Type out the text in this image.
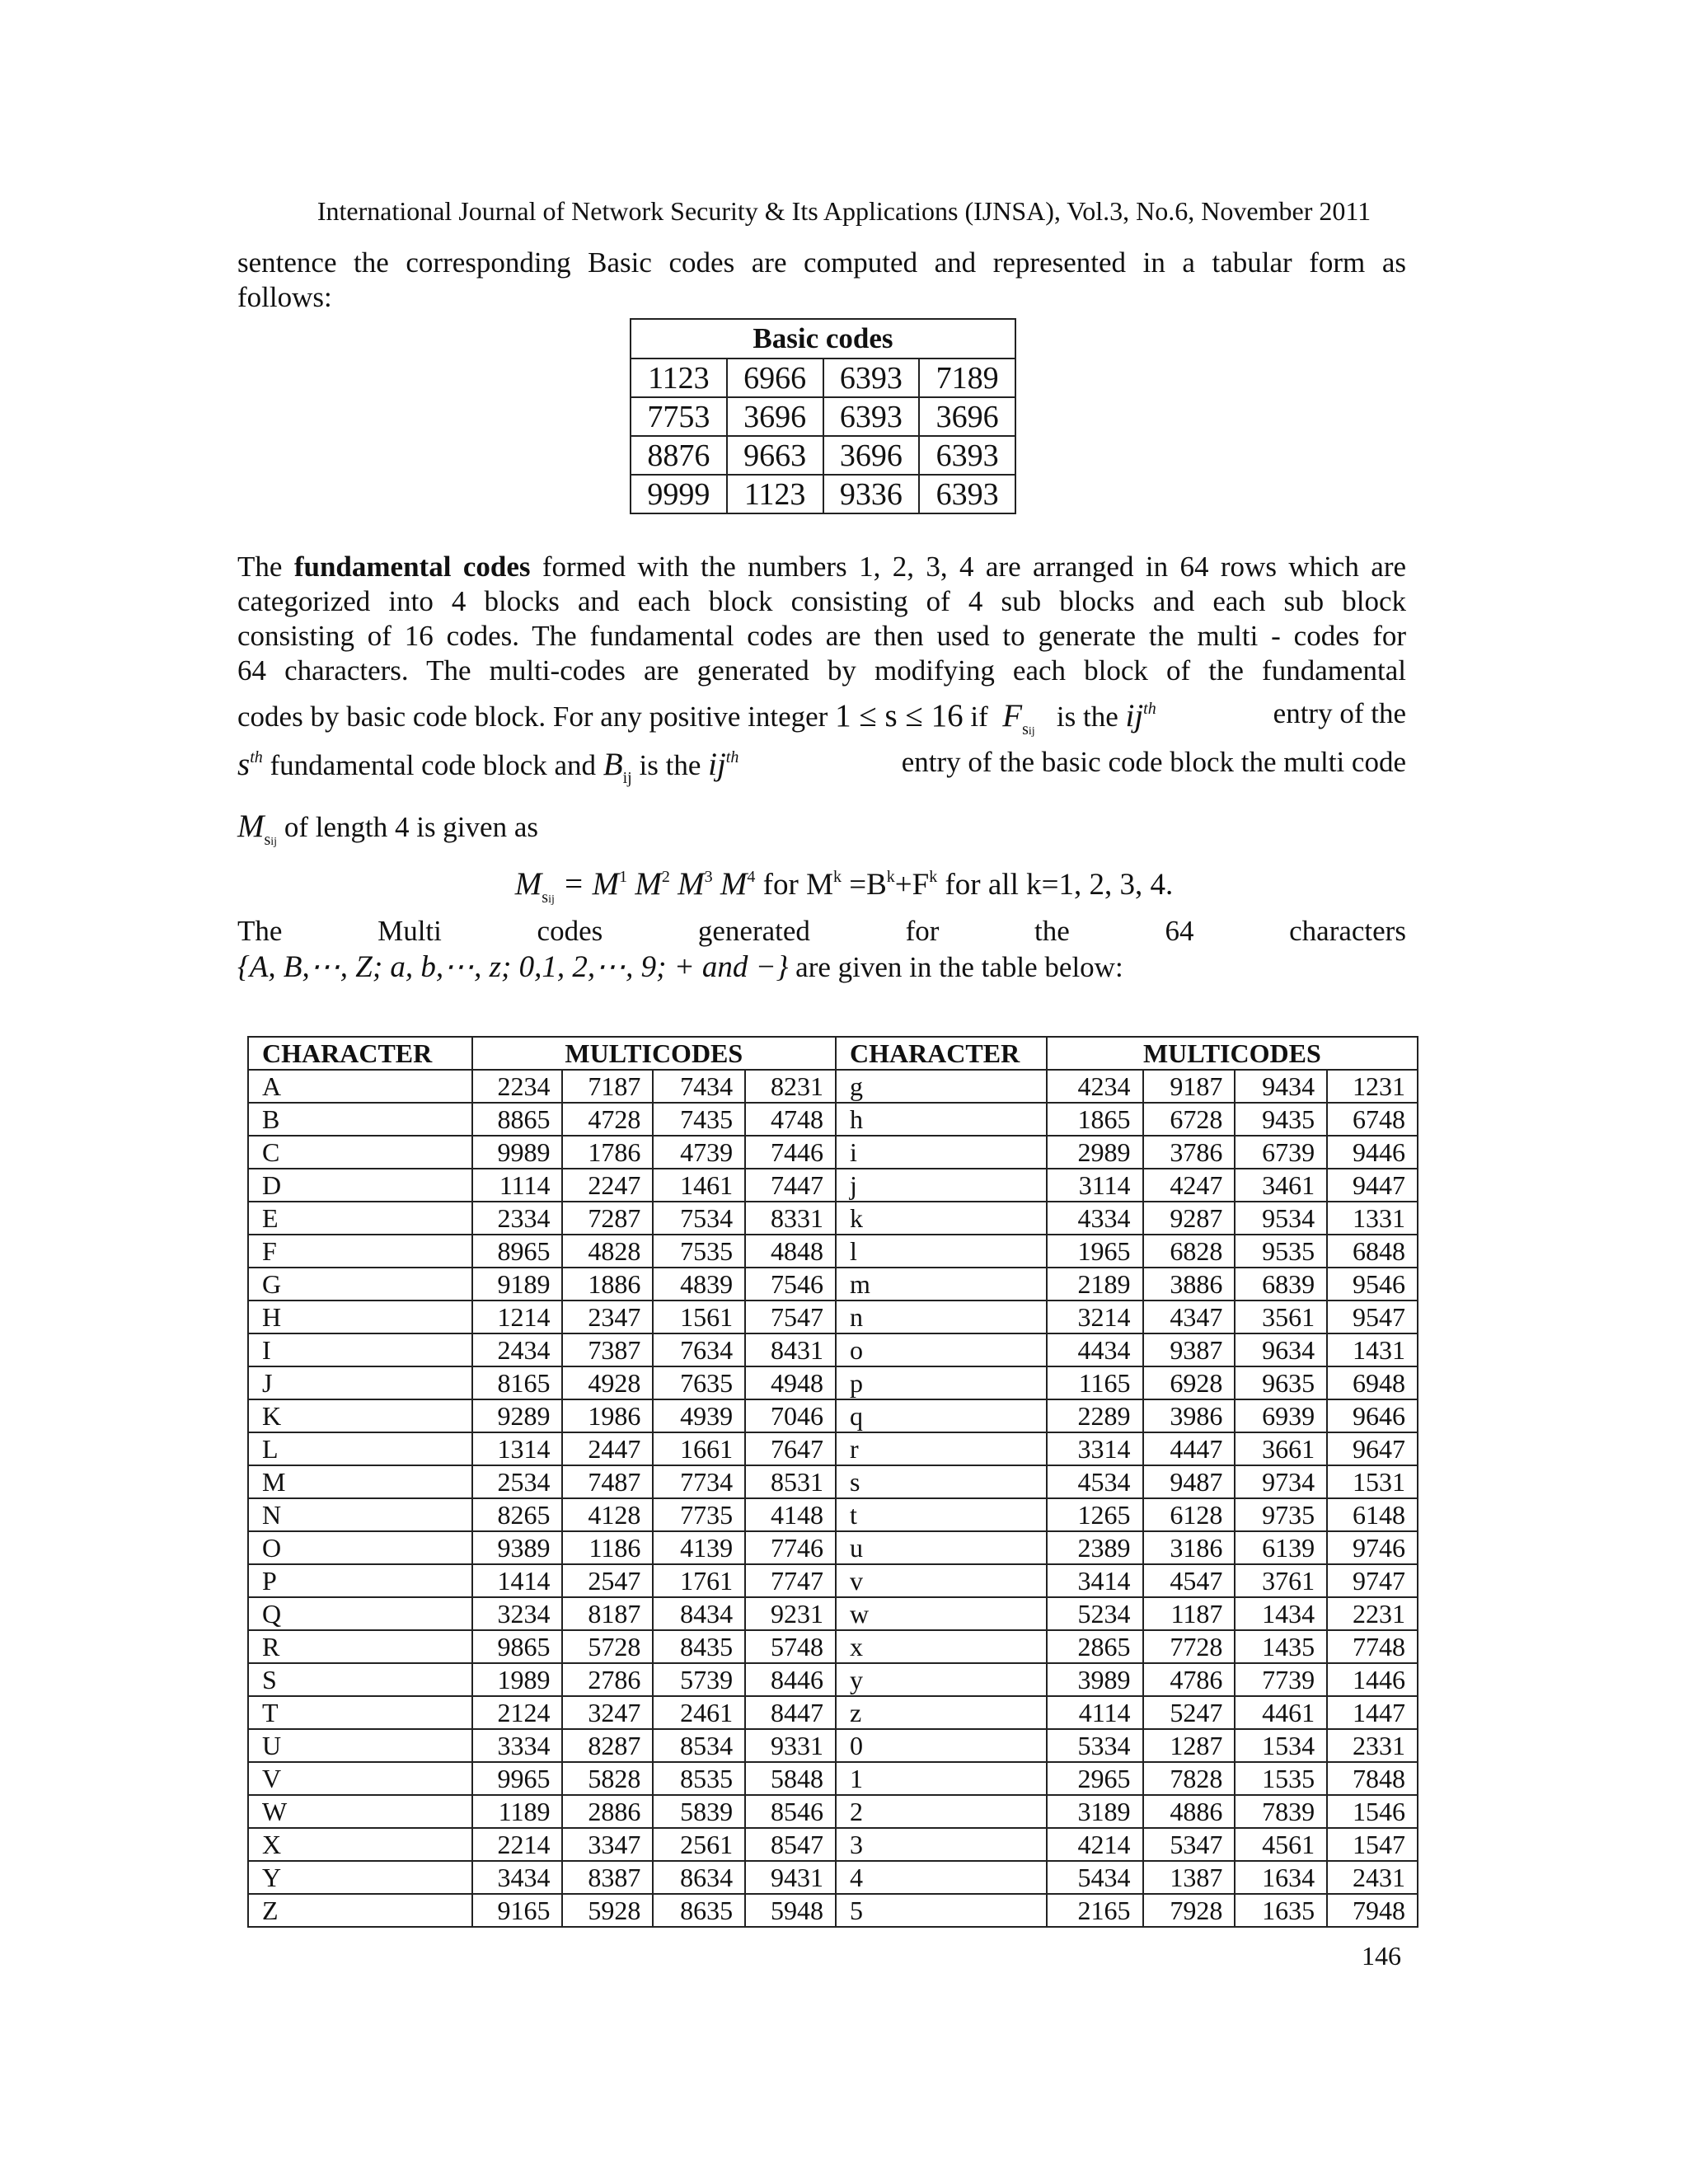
International Journal of Network Security & Its Applications (IJNSA), Vol.3, No.6, November 2011
sentence the corresponding Basic codes are computed and represented in a tabular form as
follows:
Basic codes			
1123	6966	6393	7189
7753	3696	6393	3696
8876	9663	3696	6393
9999	1123	9336	6393
The fundamental codes formed with the numbers 1, 2, 3, 4 are arranged in 64 rows which are
categorized into 4 blocks and each block consisting of 4 sub blocks and each sub block
consisting of 16 codes. The fundamental codes are then used to generate the multi - codes for
64 characters. The multi-codes are generated by modifying each block of the fundamental
codes by basic code block. For any positive integer 1 ≤ s ≤ 16 if  $F_{sij}$   is the $ij^{th}$	entry of the
$s^{th}$ fundamental code block and $B_{ij}$ is the $ij^{th}$	entry of the basic code block the multi code
$M_{sij}$ of length 4 is given as
$M_{sij} = M^1$ $M^2$ $M^3$ $M^4$ for $M^k =B^k+F^k$ for all k=1, 2, 3, 4.
The	Multi	codes	generated	for	the	64	characters
{A, B,⋯, Z; a, b,⋯, z; 0,1, 2,⋯, 9; + and −} are given in the table below:
CHARACTER	MULTICODES				CHARACTER	MULTICODES			
A	2234	7187	7434	8231	g	4234	9187	9434	1231
B	8865	4728	7435	4748	h	1865	6728	9435	6748
C	9989	1786	4739	7446	i	2989	3786	6739	9446
D	1114	2247	1461	7447	j	3114	4247	3461	9447
E	2334	7287	7534	8331	k	4334	9287	9534	1331
F	8965	4828	7535	4848	l	1965	6828	9535	6848
G	9189	1886	4839	7546	m	2189	3886	6839	9546
H	1214	2347	1561	7547	n	3214	4347	3561	9547
I	2434	7387	7634	8431	o	4434	9387	9634	1431
J	8165	4928	7635	4948	p	1165	6928	9635	6948
K	9289	1986	4939	7046	q	2289	3986	6939	9646
L	1314	2447	1661	7647	r	3314	4447	3661	9647
M	2534	7487	7734	8531	s	4534	9487	9734	1531
N	8265	4128	7735	4148	t	1265	6128	9735	6148
O	9389	1186	4139	7746	u	2389	3186	6139	9746
P	1414	2547	1761	7747	v	3414	4547	3761	9747
Q	3234	8187	8434	9231	w	5234	1187	1434	2231
R	9865	5728	8435	5748	x	2865	7728	1435	7748
S	1989	2786	5739	8446	y	3989	4786	7739	1446
T	2124	3247	2461	8447	z	4114	5247	4461	1447
U	3334	8287	8534	9331	0	5334	1287	1534	2331
V	9965	5828	8535	5848	1	2965	7828	1535	7848
W	1189	2886	5839	8546	2	3189	4886	7839	1546
X	2214	3347	2561	8547	3	4214	5347	4561	1547
Y	3434	8387	8634	9431	4	5434	1387	1634	2431
Z	9165	5928	8635	5948	5	2165	7928	1635	7948
146
